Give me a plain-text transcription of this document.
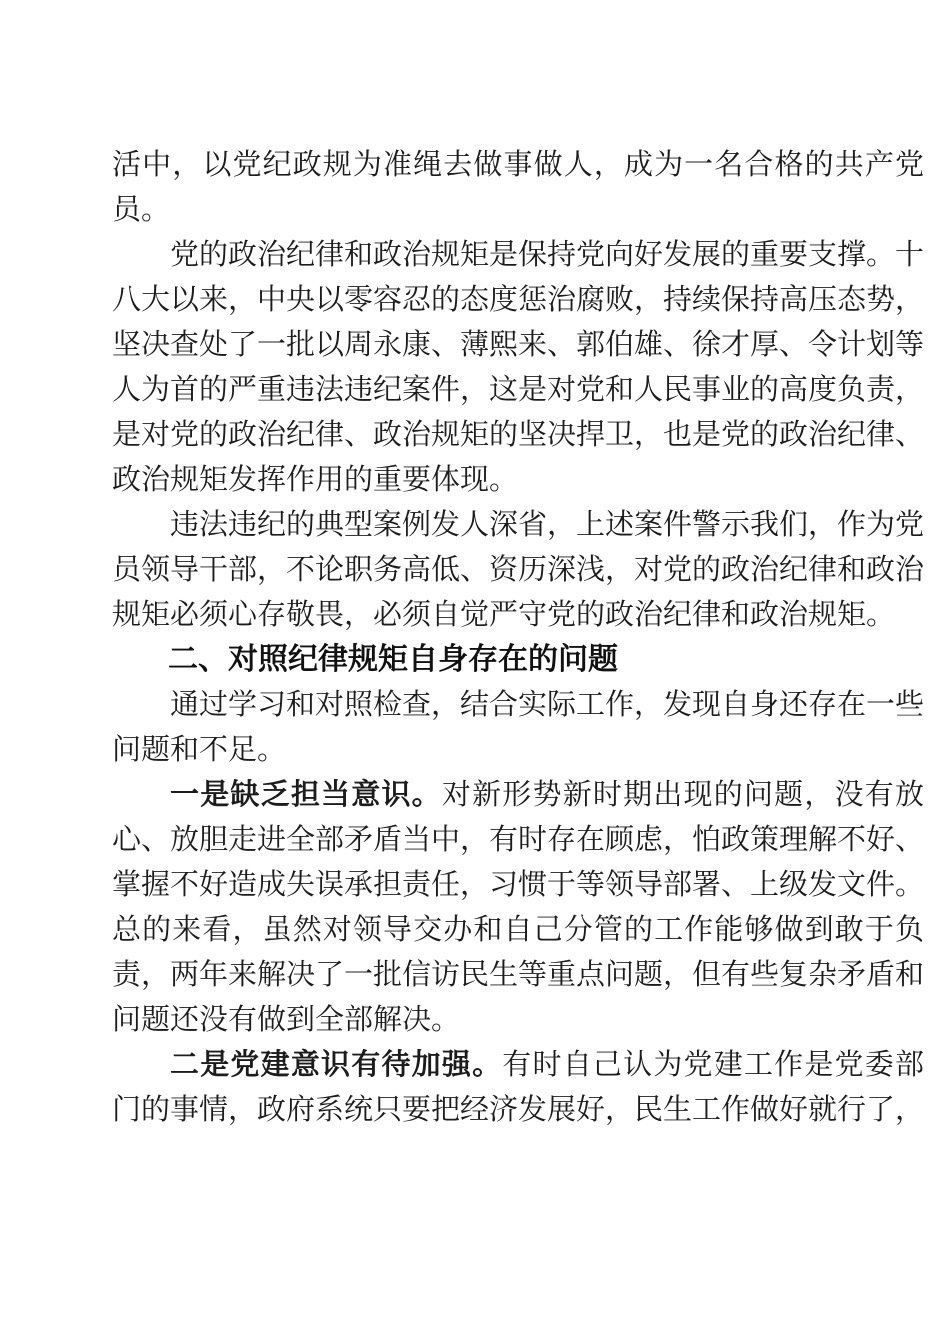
活中，以党纪政规为准绳去做事做人，成为一名合格的共产党员。

党的政治纪律和政治规矩是保持党向好发展的重要支撑。十八大以来，中央以零容忍的态度惩治腐败，持续保持高压态势，坚决查处了一批以周永康、薄熙来、郭伯雄、徐才厚、令计划等人为首的严重违法违纪案件，这是对党和人民事业的高度负责，是对党的政治纪律、政治规矩的坚决捍卫，也是党的政治纪律、政治规矩发挥作用的重要体现。

违法违纪的典型案例发人深省，上述案件警示我们，作为党员领导干部，不论职务高低、资历深浅，对党的政治纪律和政治规矩必须心存敬畏，必须自觉严守党的政治纪律和政治规矩。

二、对照纪律规矩自身存在的问题

通过学习和对照检查，结合实际工作，发现自身还存在一些问题和不足。

一是缺乏担当意识。对新形势新时期出现的问题，没有放心、放胆走进全部矛盾当中，有时存在顾虑，怕政策理解不好、掌握不好造成失误承担责任，习惯于等领导部署、上级发文件。总的来看，虽然对领导交办和自己分管的工作能够做到敢于负责，两年来解决了一批信访民生等重点问题，但有些复杂矛盾和问题还没有做到全部解决。

二是党建意识有待加强。有时自己认为党建工作是党委部门的事情，政府系统只要把经济发展好，民生工作做好就行了，
